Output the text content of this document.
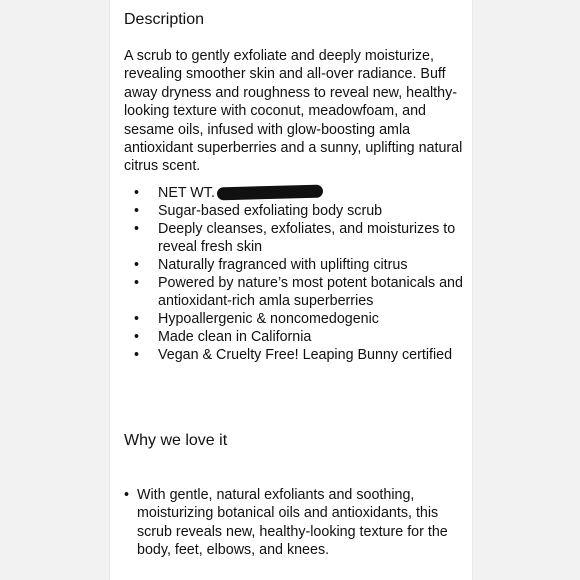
Description

A scrub to gently exfoliate and deeply moisturize, revealing smoother skin and all-over radiance. Buff away dryness and roughness to reveal new, healthy-looking texture with coconut, meadowfoam, and sesame oils, infused with glow-boosting amla antioxidant superberries and a sunny, uplifting natural citrus scent.

• NET WT.
• Sugar-based exfoliating body scrub
• Deeply cleanses, exfoliates, and moisturizes to reveal fresh skin
• Naturally fragranced with uplifting citrus
• Powered by nature’s most potent botanicals and antioxidant-rich amla superberries
• Hypoallergenic & noncomedogenic
• Made clean in California
• Vegan & Cruelty Free! Leaping Bunny certified
Why we love it
• With gentle, natural exfoliants and soothing, moisturizing botanical oils and antioxidants, this scrub reveals new, healthy-looking texture for the body, feet, elbows, and knees.
